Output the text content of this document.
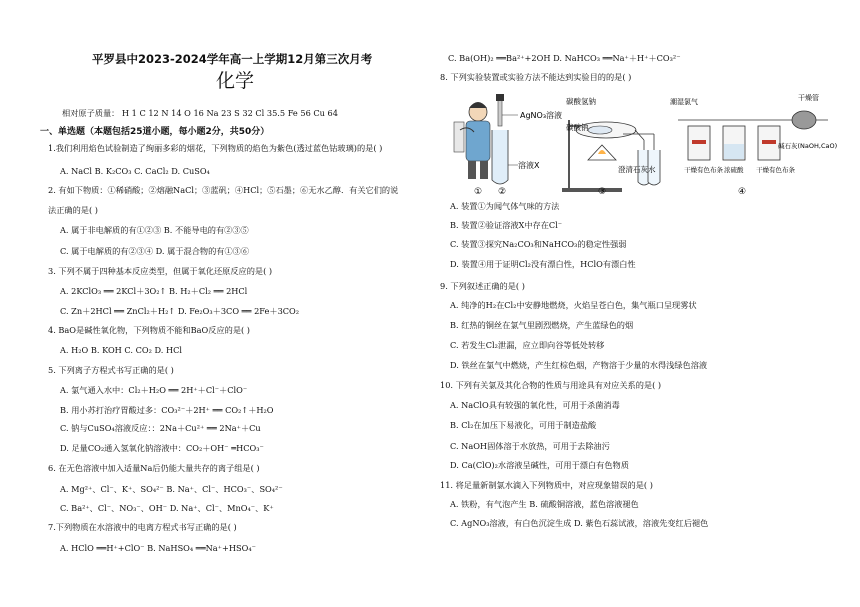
平罗县中2023-2024学年高一上学期12月第三次月考
化学
相对原子质量： H 1 C 12 N 14 O 16 Na 23 S 32 Cl 35.5 Fe 56 Cu 64
一、单选题（本题包括25道小题，每小题2分，共50分）
1.我们利用焰色试验制造了绚丽多彩的烟花，下列物质的焰色为紫色(透过蓝色钴玻璃)的是( )
A. NaCl B. K₂CO₃ C. CaCl₂ D. CuSO₄
2. 有如下物质：①稀硝酸；②熔融NaCl；③蓝矾；④HCl；⑤石墨；⑥无水乙醇．有关它们的说
法正确的是( )
A. 属于非电解质的有①②③ B. 不能导电的有②③⑤
C. 属于电解质的有②③④ D. 属于混合物的有①③⑥
3. 下列不属于四种基本反应类型，但属于氧化还原反应的是( )
A. 2KClO₃ ══ 2KCl＋3O₂↑ B. H₂＋Cl₂ ══ 2HCl
C. Zn＋2HCl ══ ZnCl₂＋H₂↑ D. Fe₂O₃＋3CO ══ 2Fe＋3CO₂
4. BaO是碱性氧化物，下列物质不能和BaO反应的是( )
A. H₂O B. KOH C. CO₂ D. HCl
5. 下列离子方程式书写正确的是( )
A. 氯气通入水中：Cl₂＋H₂O ══ 2H⁺＋Cl⁻＋ClO⁻
B. 用小苏打治疗胃酸过多：CO₃²⁻＋2H⁺ ══ CO₂↑＋H₂O
C. 钠与CuSO₄溶液反应：：2Na＋Cu²⁺ ══ 2Na⁺＋Cu
D. 足量CO₂通入氢氧化钠溶液中：CO₂＋OH⁻ ═HCO₃⁻
6. 在无色溶液中加入适量Na后仍能大量共存的离子组是( )
A. Mg²⁺、Cl⁻、K⁺、SO₄²⁻ B. Na⁺、Cl⁻、HCO₃⁻、SO₄²⁻
C. Ba²⁺、Cl⁻、NO₃⁻、OH⁻ D. Na⁺、Cl⁻、MnO₄⁻、K⁺
7.下列物质在水溶液中的电离方程式书写正确的是( )
A. HClO ══H⁺+ClO⁻ B. NaHSO₄ ══Na⁺+HSO₄⁻
C. Ba(OH)₂ ══Ba²⁺+2OH D. NaHCO₃ ══Na⁺＋H⁺＋CO₃²⁻
8. 下列实验装置或实验方法不能达到实验目的的是( )
AgNO₃溶液
溶液X
碳酸氢钠
碳酸钠
澄清石灰水
潮湿氯气	干燥管
碱石灰(NaOH,CaO)
干燥有色布条 浓硫酸 干燥有色布条
① ②	③	④
A. 装置①为闻气体气味的方法
B. 装置②验证溶液X中存在Cl⁻
C. 装置③探究Na₂CO₃和NaHCO₃的稳定性强弱
D. 装置④用于证明Cl₂没有漂白性，HClO有漂白性
9. 下列叙述正确的是( )
A. 纯净的H₂在Cl₂中安静地燃烧，火焰呈苍白色，集气瓶口呈现雾状
B. 红热的铜丝在氯气里剧烈燃烧，产生蓝绿色的烟
C. 若发生Cl₂泄漏，应立即向谷等低处转移
D. 铁丝在氯气中燃烧，产生红棕色烟，产物溶于少量的水得浅绿色溶液
10. 下列有关氯及其化合物的性质与用途具有对应关系的是( )
A. NaClO具有较强的氧化性，可用于杀菌消毒
B. Cl₂在加压下易液化，可用于制造盐酸
C. NaOH固体溶于水放热，可用于去除油污
D. Ca(ClO)₂水溶液呈碱性，可用于漂白有色物质
11. 将足量新制氯水滴入下列物质中，对应现象错误的是( )
A. 铁粉，有气泡产生 B. 硫酸铜溶液，蓝色溶液褪色
C. AgNO₃溶液，有白色沉淀生成 D. 紫色石蕊试液，溶液先变红后褪色
